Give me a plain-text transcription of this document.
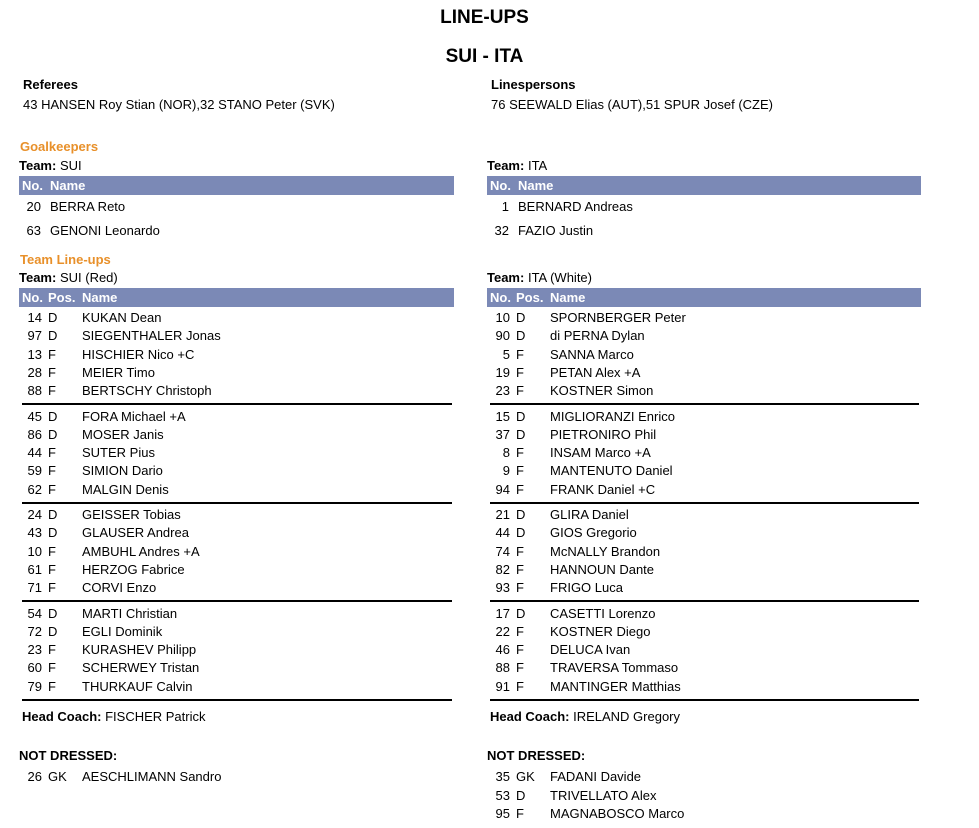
LINE-UPS
SUI - ITA
Referees
43 HANSEN Roy Stian (NOR),32 STANO Peter (SVK)
Linespersons
76 SEEWALD Elias (AUT),51 SPUR Josef (CZE)
Goalkeepers
Team Line-ups
Team: SUI
No. Name
20 BERRA Reto
63 GENONI Leonardo
Team: SUI (Red)
No. Pos. Name
14 D KUKAN Dean
97 D SIEGENTHALER Jonas
13 F HISCHIER Nico +C
28 F MEIER Timo
88 F BERTSCHY Christoph
45 D FORA Michael +A
86 D MOSER Janis
44 F SUTER Pius
59 F SIMION Dario
62 F MALGIN Denis
24 D GEISSER Tobias
43 D GLAUSER Andrea
10 F AMBUHL Andres +A
61 F HERZOG Fabrice
71 F CORVI Enzo
54 D MARTI Christian
72 D EGLI Dominik
23 F KURASHEV Philipp
60 F SCHERWEY Tristan
79 F THURKAUF Calvin
Head Coach: FISCHER Patrick
NOT DRESSED:
26 GK AESCHLIMANN Sandro
Team: ITA
No. Name
1 BERNARD Andreas
32 FAZIO Justin
Team: ITA (White)
No. Pos. Name
10 D SPORNBERGER Peter
90 D di PERNA Dylan
5 F SANNA Marco
19 F PETAN Alex +A
23 F KOSTNER Simon
15 D MIGLIORANZI Enrico
37 D PIETRONIRO Phil
8 F INSAM Marco +A
9 F MANTENUTO Daniel
94 F FRANK Daniel +C
21 D GLIRA Daniel
44 D GIOS Gregorio
74 F McNALLY Brandon
82 F HANNOUN Dante
93 F FRIGO Luca
17 D CASETTI Lorenzo
22 F KOSTNER Diego
46 F DELUCA Ivan
88 F TRAVERSA Tommaso
91 F MANTINGER Matthias
Head Coach: IRELAND Gregory
NOT DRESSED:
35 GK FADANI Davide
53 D TRIVELLATO Alex
95 F MAGNABOSCO Marco
